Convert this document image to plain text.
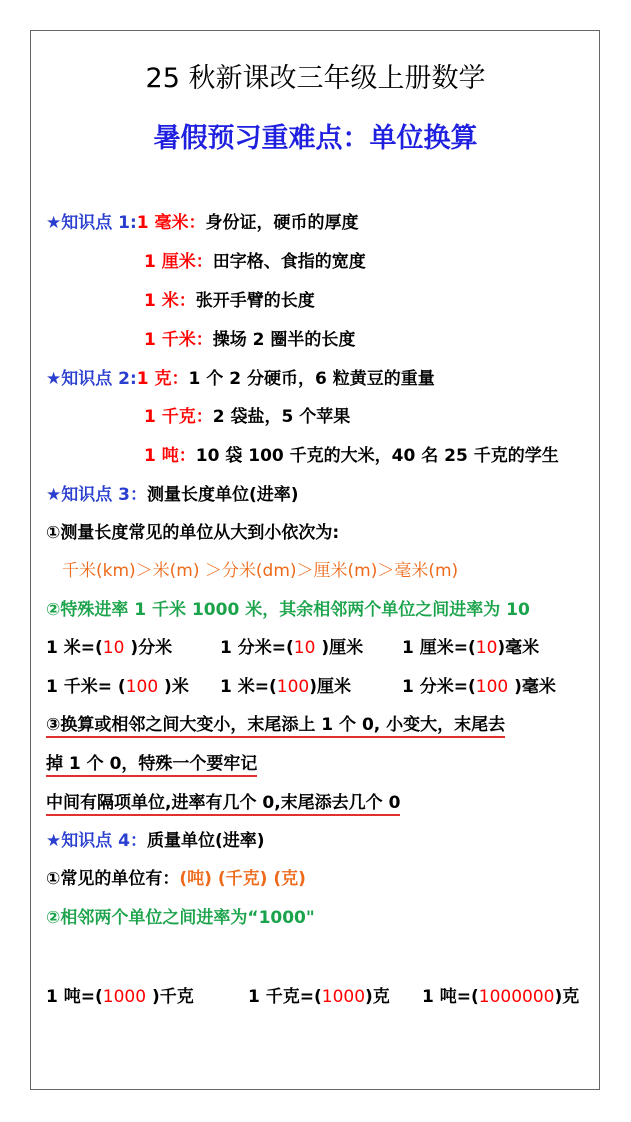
25 秋新课改三年级上册数学
暑假预习重难点：单位换算
★知识点 1:1 毫米：身份证，硬币的厚度
1 厘米：田字格、食指的宽度
1 米：张开手臂的长度
1 千米：操场 2 圈半的长度
★知识点 2:1 克：1 个 2 分硬币，6 粒黄豆的重量
1 千克：2 袋盐，5 个苹果
1 吨：10 袋 100 千克的大米，40 名 25 千克的学生
★知识点 3：测量长度单位(进率)
①测量长度常见的单位从大到小依次为:
千米(km)＞米(m) ＞分米(dm)＞厘米(m)＞毫米(m)
②特殊进率 1 千米 1000 米，其余相邻两个单位之间进率为 10
1 米=(10 )分米	1 分米=(10 )厘米 1 厘米=(10)毫米
1 千米= (100 )米 1 米=(100)厘米	1 分米=(100 )毫米
③换算或相邻之间大变小，末尾添上 1 个 0, 小变大，末尾去
掉 1 个 0，特殊一个要牢记
中间有隔项单位,进率有几个 0,末尾添去几个 0
★知识点 4：质量单位(进率)
①常见的单位有：(吨) (千克) (克)
②相邻两个单位之间进率为“1000"
1 吨=(1000 )千克	1 千克=(1000)克 1 吨=(1000000)克
